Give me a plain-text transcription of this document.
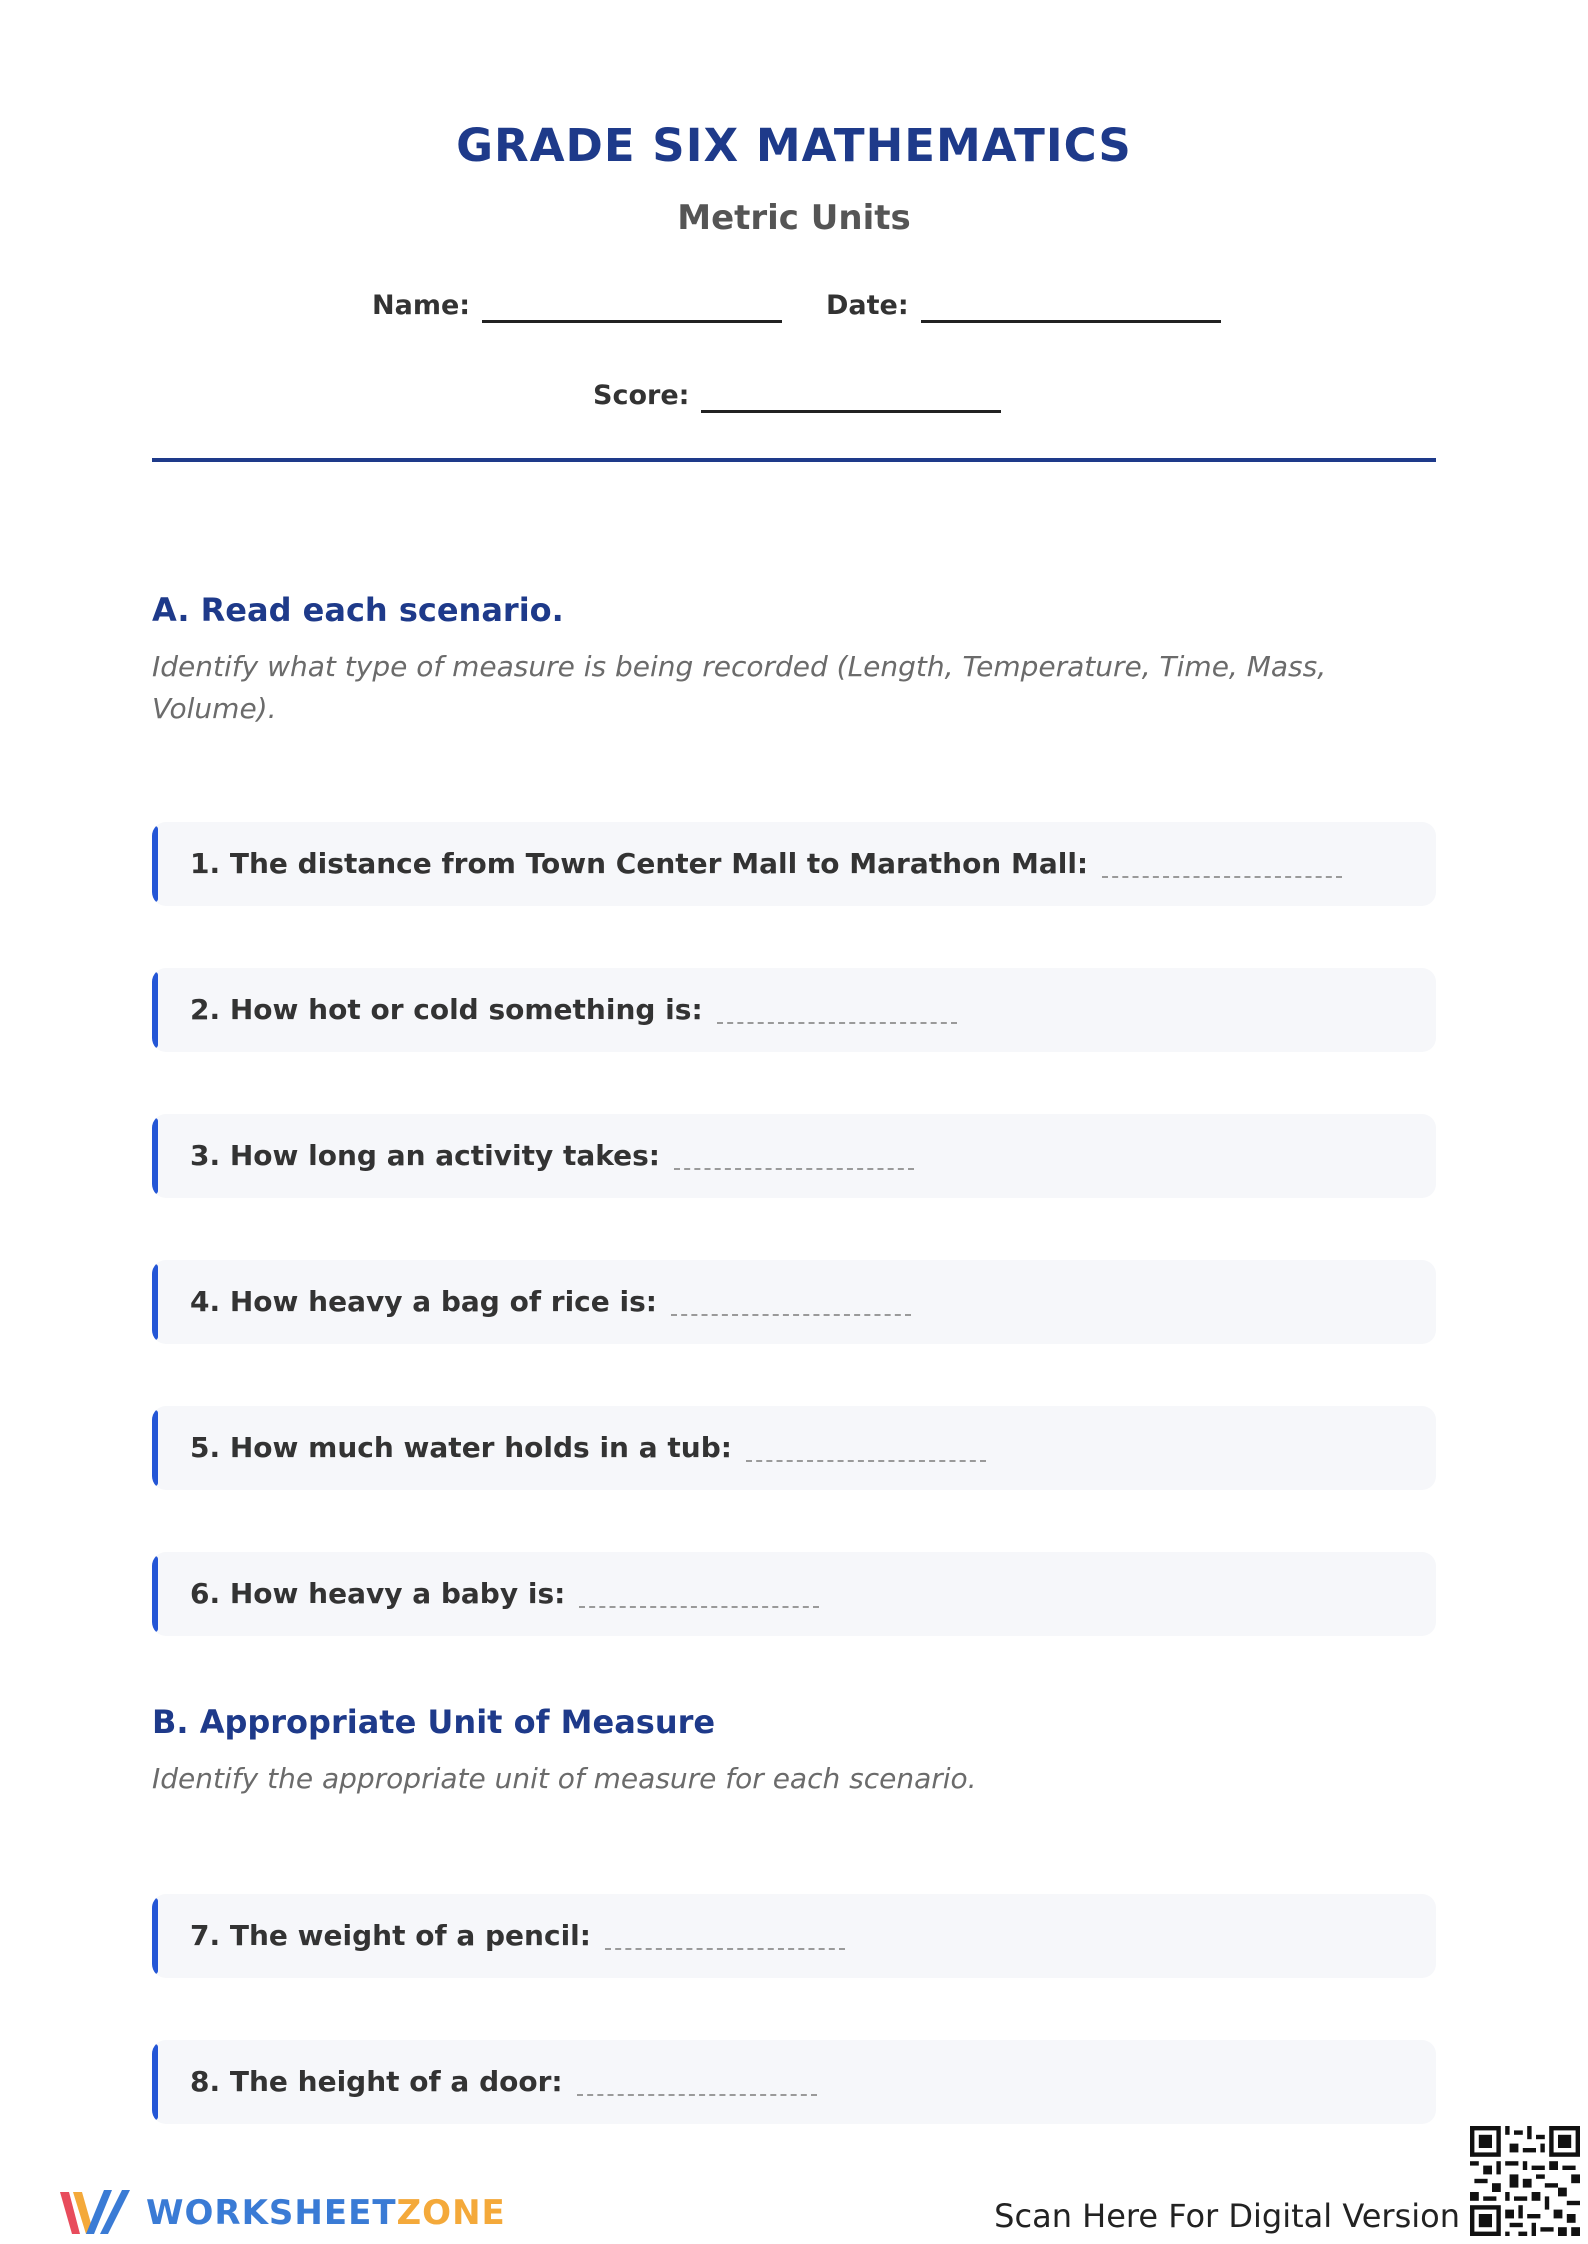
GRADE SIX MATHEMATICS
Metric Units
Name:	Date:
Score:
A. Read each scenario.

Identify what type of measure is being recorded (Length, Temperature, Time, Mass, Volume).

1. The distance from Town Center Mall to Marathon Mall:
2. How hot or cold something is:
3. How long an activity takes:
4. How heavy a bag of rice is:
5. How much water holds in a tub:
6. How heavy a baby is:
B. Appropriate Unit of Measure

Identify the appropriate unit of measure for each scenario.

7. The weight of a pencil:
8. The height of a door:
WORKSHEETZONE	Scan Here For Digital Version
